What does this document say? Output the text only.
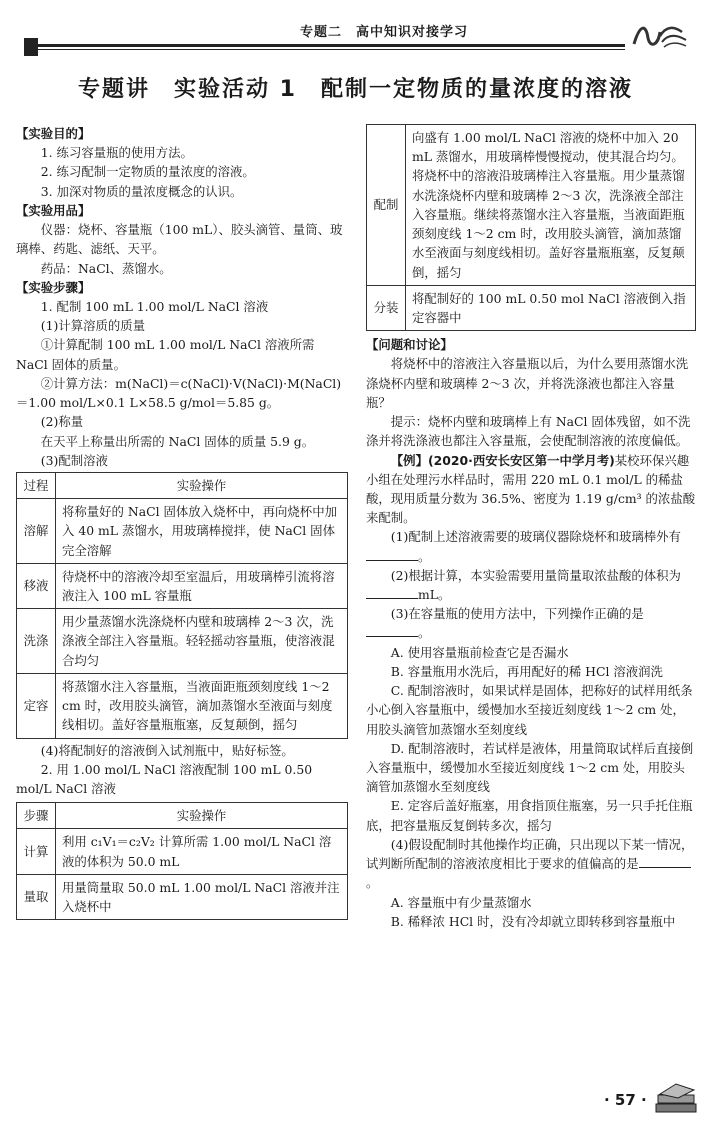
专题二　高中知识对接学习
专题讲　实验活动 1　配制一定物质的量浓度的溶液

【实验目的】

1. 练习容量瓶的使用方法。

2. 练习配制一定物质的量浓度的溶液。

3. 加深对物质的量浓度概念的认识。

【实验用品】

仪器：烧杯、容量瓶（100 mL）、胶头滴管、量筒、玻璃棒、药匙、滤纸、天平。

药品：NaCl、蒸馏水。

【实验步骤】

1. 配制 100 mL 1.00 mol/L NaCl 溶液

(1)计算溶质的质量

①计算配制 100 mL 1.00 mol/L NaCl 溶液所需 NaCl 固体的质量。

②计算方法：m(NaCl)＝c(NaCl)·V(NaCl)·M(NaCl)＝1.00 mol/L×0.1 L×58.5 g/mol＝5.85 g。

(2)称量

在天平上称量出所需的 NaCl 固体的质量 5.9 g。

(3)配制溶液

过程	实验操作
溶解	将称量好的 NaCl 固体放入烧杯中，再向烧杯中加入 40 mL 蒸馏水，用玻璃棒搅拌，使 NaCl 固体完全溶解
移液	待烧杯中的溶液冷却至室温后，用玻璃棒引流将溶液注入 100 mL 容量瓶
洗涤	用少量蒸馏水洗涤烧杯内壁和玻璃棒 2～3 次，洗涤液全部注入容量瓶。轻轻摇动容量瓶，使溶液混合均匀
定容	将蒸馏水注入容量瓶，当液面距瓶颈刻度线 1～2 cm 时，改用胶头滴管，滴加蒸馏水至液面与刻度线相切。盖好容量瓶瓶塞，反复颠倒，摇匀

(4)将配制好的溶液倒入试剂瓶中，贴好标签。

2. 用 1.00 mol/L NaCl 溶液配制 100 mL 0.50 mol/L NaCl 溶液

步骤	实验操作
计算	利用 c₁V₁＝c₂V₂ 计算所需 1.00 mol/L NaCl 溶液的体积为 50.0 mL
量取	用量筒量取 50.0 mL 1.00 mol/L NaCl 溶液并注入烧杯中
配制	向盛有 1.00 mol/L NaCl 溶液的烧杯中加入 20 mL 蒸馏水，用玻璃棒慢慢搅动，使其混合均匀。将烧杯中的溶液沿玻璃棒注入容量瓶。用少量蒸馏水洗涤烧杯内壁和玻璃棒 2～3 次，洗涤液全部注入容量瓶。继续将蒸馏水注入容量瓶，当液面距瓶颈刻度线 1～2 cm 时，改用胶头滴管，滴加蒸馏水至液面与刻度线相切。盖好容量瓶瓶塞，反复颠倒，摇匀
分装	将配制好的 100 mL 0.50 mol NaCl 溶液倒入指定容器中

【问题和讨论】

将烧杯中的溶液注入容量瓶以后，为什么要用蒸馏水洗涤烧杯内壁和玻璃棒 2～3 次，并将洗涤液也都注入容量瓶？

提示：烧杯内壁和玻璃棒上有 NaCl 固体残留，如不洗涤并将洗涤液也都注入容量瓶，会使配制溶液的浓度偏低。

【例】(2020·西安长安区第一中学月考)某校环保兴趣小组在处理污水样品时，需用 220 mL 0.1 mol/L 的稀盐酸，现用质量分数为 36.5%、密度为 1.19 g/cm³ 的浓盐酸来配制。

(1)配制上述溶液需要的玻璃仪器除烧杯和玻璃棒外有。

(2)根据计算，本实验需要用量筒量取浓盐酸的体积为mL。

(3)在容量瓶的使用方法中，下列操作正确的是

。

A. 使用容量瓶前检查它是否漏水

B. 容量瓶用水洗后，再用配好的稀 HCl 溶液润洗

C. 配制溶液时，如果试样是固体，把称好的试样用纸条小心倒入容量瓶中，缓慢加水至接近刻度线 1～2 cm 处，用胶头滴管加蒸馏水至刻度线

D. 配制溶液时，若试样是液体，用量筒取试样后直接倒入容量瓶中，缓慢加水至接近刻度线 1～2 cm 处，用胶头滴管加蒸馏水至刻度线

E. 定容后盖好瓶塞，用食指顶住瓶塞，另一只手托住瓶底，把容量瓶反复倒转多次，摇匀

(4)假设配制时其他操作均正确，只出现以下某一情况，试判断所配制的溶液浓度相比于要求的值偏高的是。

A. 容量瓶中有少量蒸馏水

B. 稀释浓 HCl 时，没有冷却就立即转移到容量瓶中

· 57 ·
